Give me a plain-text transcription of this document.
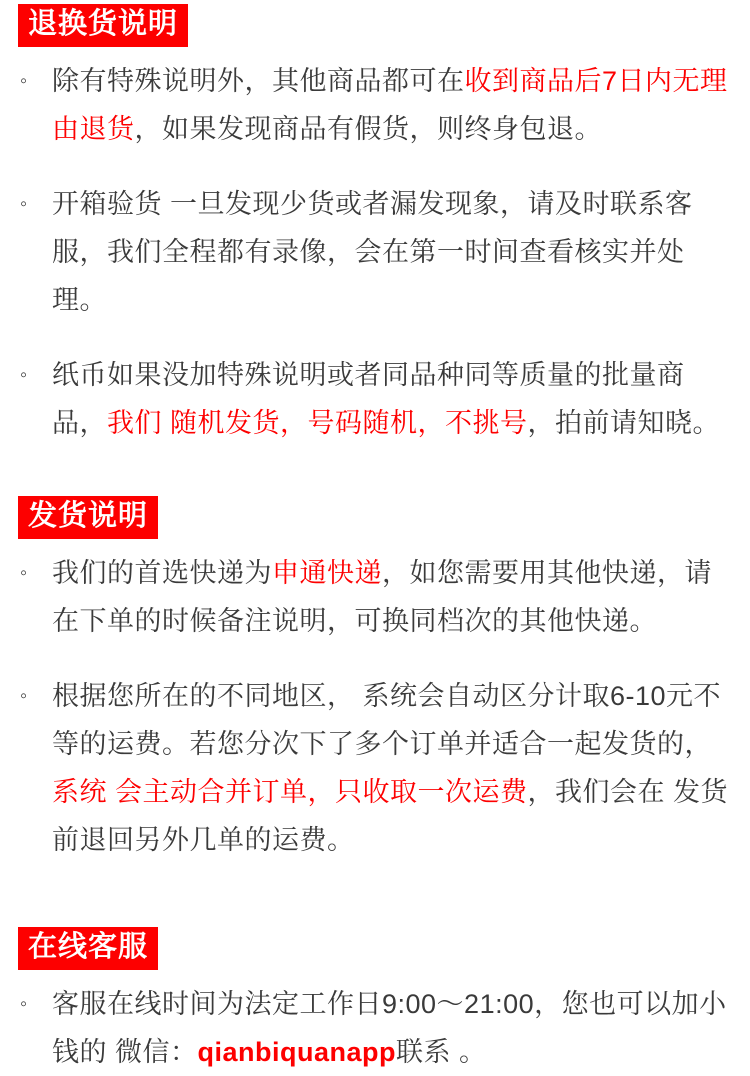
退换货说明

◦ 除有特殊说明外，其他商品都可在收到商品后7日内无理由退货，如果发现商品有假货，则终身包退。

◦ 开箱验货 一旦发现少货或者漏发现象，请及时联系客服，我们全程都有录像，会在第一时间查看核实并处理。

◦ 纸币如果没加特殊说明或者同品种同等质量的批量商品，我们 随机发货，号码随机，不挑号，拍前请知晓。

发货说明

◦ 我们的首选快递为申通快递，如您需要用其他快递，请在下单的时候备注说明，可换同档次的其他快递。

◦ 根据您所在的不同地区， 系统会自动区分计取6-10元不等的运费。若您分次下了多个订单并适合一起发货的，系统 会主动合并订单，只收取一次运费，我们会在 发货前退回另外几单的运费。

在线客服

◦ 客服在线时间为法定工作日9:00～21:00，您也可以加小钱的 微信：qianbiquanapp联系 。
